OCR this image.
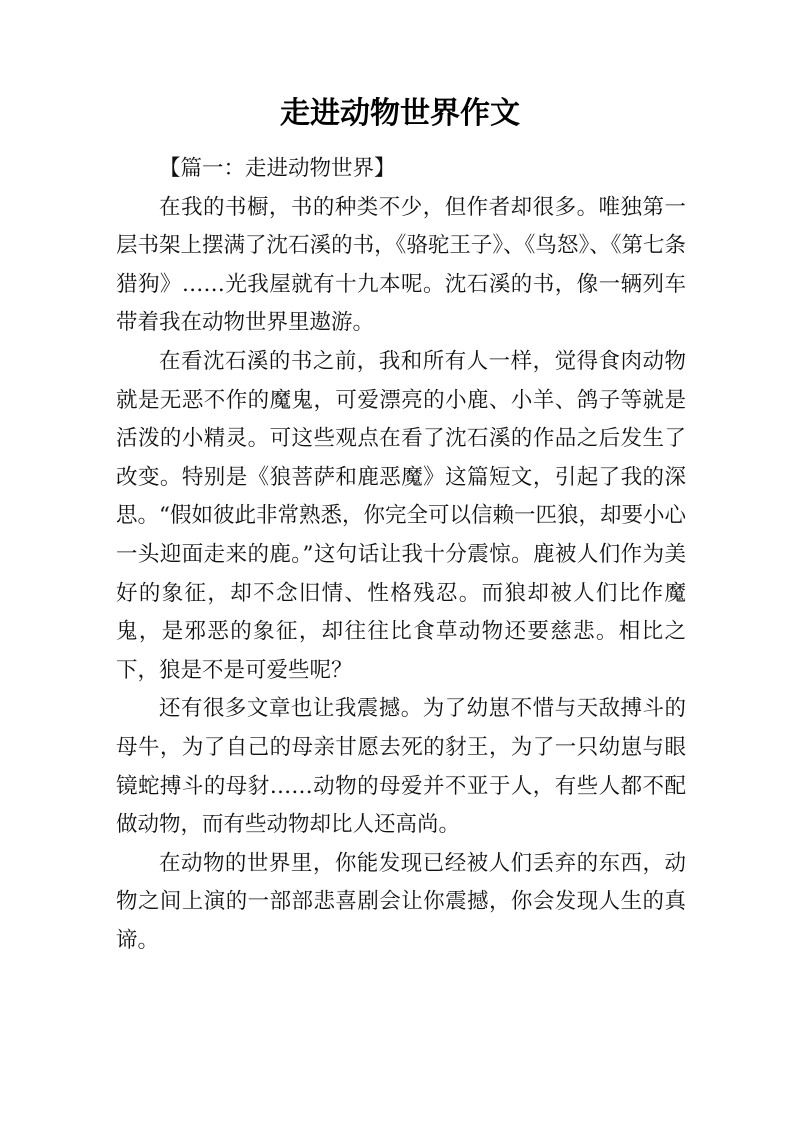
走进动物世界作文

【篇一：走进动物世界】

在我的书橱，书的种类不少，但作者却很多。唯独第一层书架上摆满了沈石溪的书，《骆驼王子》、《鸟怒》、《第七条猎狗》……光我屋就有十九本呢。沈石溪的书，像一辆列车带着我在动物世界里遨游。

在看沈石溪的书之前，我和所有人一样，觉得食肉动物就是无恶不作的魔鬼，可爱漂亮的小鹿、小羊、鸽子等就是活泼的小精灵。可这些观点在看了沈石溪的作品之后发生了改变。特别是《狼菩萨和鹿恶魔》这篇短文，引起了我的深思。“假如彼此非常熟悉，你完全可以信赖一匹狼，却要小心一头迎面走来的鹿。”这句话让我十分震惊。鹿被人们作为美好的象征，却不念旧情、性格残忍。而狼却被人们比作魔鬼，是邪恶的象征，却往往比食草动物还要慈悲。相比之下，狼是不是可爱些呢？

还有很多文章也让我震撼。为了幼崽不惜与天敌搏斗的母牛，为了自己的母亲甘愿去死的豺王，为了一只幼崽与眼镜蛇搏斗的母豺……动物的母爱并不亚于人，有些人都不配做动物，而有些动物却比人还高尚。

在动物的世界里，你能发现已经被人们丢弃的东西，动物之间上演的一部部悲喜剧会让你震撼，你会发现人生的真谛。
